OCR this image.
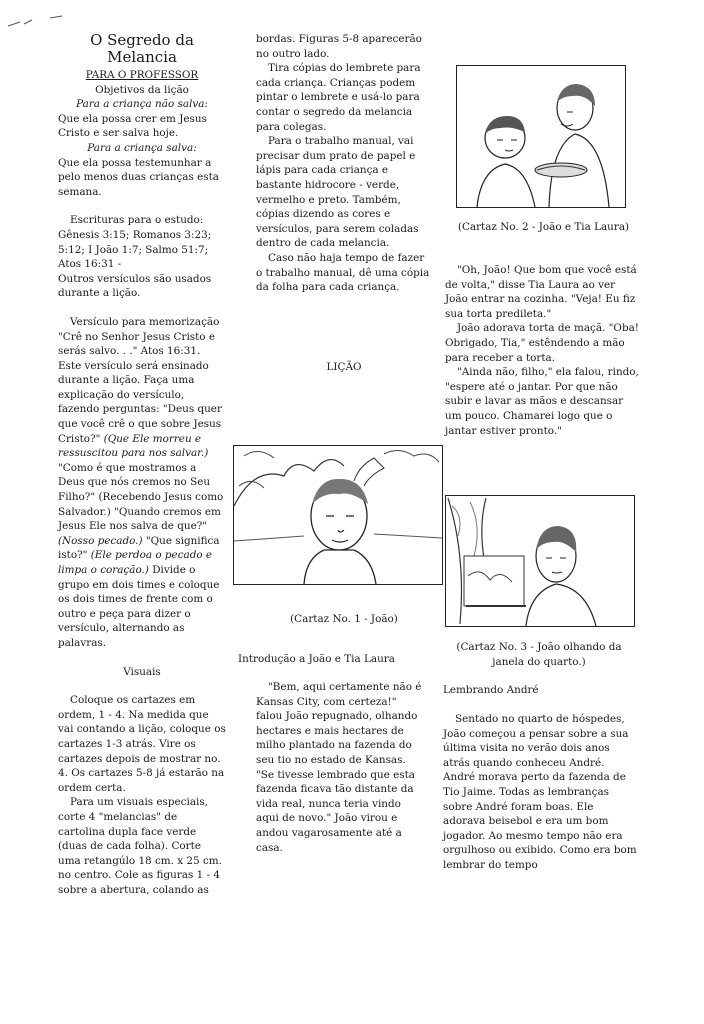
O Segredo da
Melancia

PARA O PROFESSOR

Objetivos da lição

Para a criança não salva:

Que ela possa crer em Jesus Cristo e ser salva hoje.

Para a criança salva:

Que ela possa testemunhar a pelo menos duas crianças esta semana.

Escrituras para o estudo:

Gênesis 3:15; Romanos 3:23; 5:12; I João 1:7; Salmo 51:7; Atos 16:31 -

Outros versículos são usados durante a lição.

Versículo para memorização

"Crê no Senhor Jesus Cristo e serás salvo. . ." Atos 16:31. Este versículo será ensinado durante a lição. Faça uma explicação do versículo, fazendo perguntas: "Deus quer que você crê o que sobre Jesus Cristo?" (Que Ele morreu e ressuscitou para nos salvar.) "Como é que mostramos a Deus que nós cremos no Seu Filho?" (Recebendo Jesus como Salvador.) "Quando cremos em Jesus Ele nos salva de que?" (Nosso pecado.) "Que significa isto?" (Ele perdoa o pecado e limpa o coração.) Divide o grupo em dois times e coloque os dois times de frente com o outro e peça para dizer o versículo, alternando as palavras.

Visuais

Coloque os cartazes em ordem, 1 - 4. Na medida que vai contando a lição, coloque os cartazes 1-3 atrás. Vire os cartazes depois de mostrar no. 4. Os cartazes 5-8 já estarão na ordem certa.

Para um visuais especiais, corte 4 "melancias" de cartolina dupla face verde (duas de cada folha). Corte uma retangúlo 18 cm. x 25 cm. no centro. Cole as figuras 1 - 4 sobre a abertura, colando as

bordas. Figuras 5-8 aparecerão no outro lado.

Tira cópias do lembrete para cada criança. Crianças podem pintar o lembrete e usá-lo para contar o segredo da melancia para colegas.

Para o trabalho manual, vai precisar dum prato de papel e lápis para cada criança e bastante hidrocore - verde, vermelho e preto. Também, cópias dizendo as cores e versículos, para serem coladas dentro de cada melancia.

Caso não haja tempo de fazer o trabalho manual, dê uma cópia da folha para cada criança.

LIÇÃO
(Cartaz No. 1 - João)
Introdução a João e Tia Laura

"Bem, aqui certamente não é Kansas City, com certeza!" falou João repugnado, olhando hectares e mais hectares de milho plantado na fazenda do seu tio no estado de Kansas. "Se tivesse lembrado que esta fazenda ficava tão distante da vida real, nunca teria vindo aqui de novo." João virou e andou vagarosamente até a casa.

(Cartaz No. 2 - João e Tia Laura)

"Oh, João! Que bom que você está de volta," disse Tia Laura ao ver João entrar na cozinha. "Veja! Eu fiz sua torta predileta."

João adorava torta de maçã. "Oba! Obrigado, Tia," estêndendo a mão para receber a torta.

"Ainda não, filho," ela falou, rindo, "espere até o jantar. Por que não subir e lavar as mãos e descansar um pouco. Chamarei logo que o jantar estiver pronto."

(Cartaz No. 3 - João olhando da janela do quarto.)
Lembrando André

Sentado no quarto de hóspedes, João começou a pensar sobre a sua última visita no verão dois anos atrás quando conheceu André. André morava perto da fazenda de Tio Jaime. Todas as lembranças sobre André foram boas. Ele adorava beisebol e era um bom jogador. Ao mesmo tempo não era orgulhoso ou exibido. Como era bom lembrar do tempo
